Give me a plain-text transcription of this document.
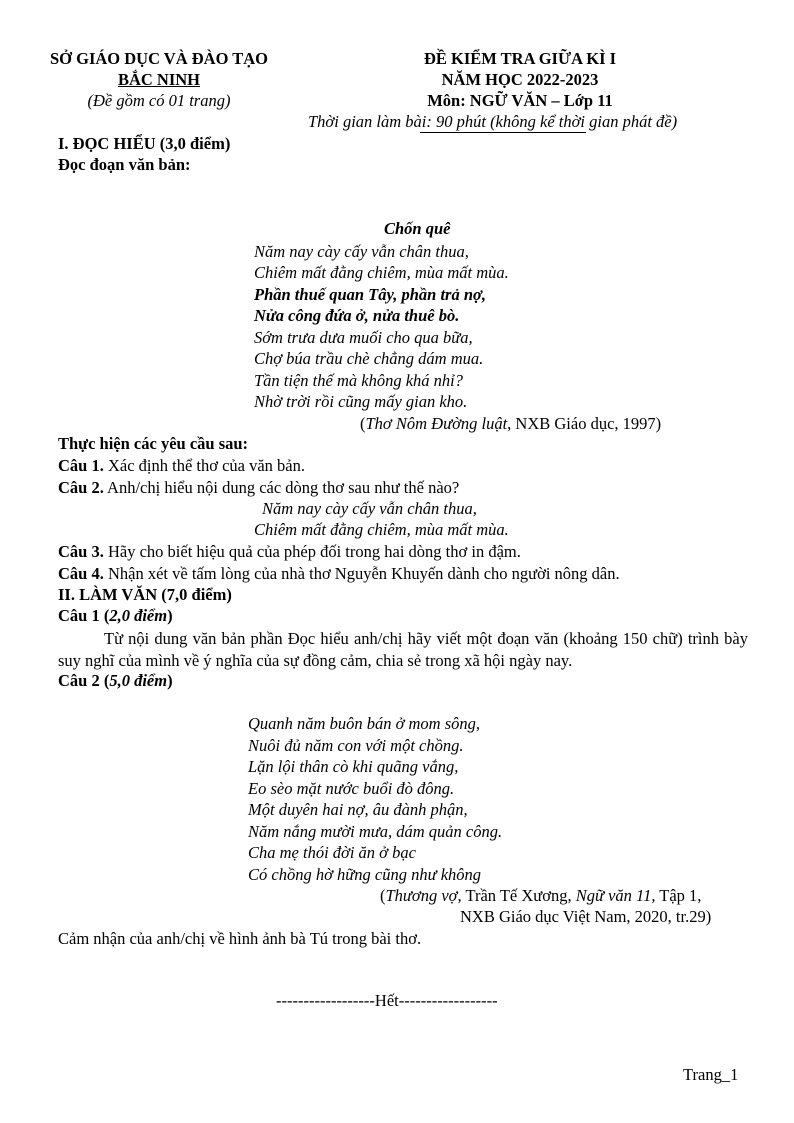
SỞ GIÁO DỤC VÀ ĐÀO TẠO
BẮC NINH
(Đề gồm có 01 trang)
ĐỀ KIỂM TRA GIỮA KÌ I
NĂM HỌC 2022-2023
Môn: NGỮ VĂN – Lớp 11
Thời gian làm bài: 90 phút (không kể thời gian phát đề)
I. ĐỌC HIỂU (3,0 điểm)
Đọc đoạn văn bản:
Chốn quê
Năm nay cày cấy vẫn chân thua,
Chiêm mất đằng chiêm, mùa mất mùa.
Phần thuế quan Tây, phần trả nợ,
Nửa công đứa ở, nửa thuê bò.
Sớm trưa dưa muối cho qua bữa,
Chợ búa trầu chè chẳng dám mua.
Tần tiện thế mà không khá nhỉ?
Nhờ trời rồi cũng mấy gian kho.
(Thơ Nôm Đường luật, NXB Giáo dục, 1997)
Thực hiện các yêu cầu sau:
Câu 1. Xác định thể thơ của văn bản.
Câu 2. Anh/chị hiểu nội dung các dòng thơ sau như thế nào?
Năm nay cày cấy vẫn chân thua,
Chiêm mất đằng chiêm, mùa mất mùa.
Câu 3. Hãy cho biết hiệu quả của phép đối trong hai dòng thơ in đậm.
Câu 4. Nhận xét về tấm lòng của nhà thơ Nguyễn Khuyến dành cho người nông dân.
II. LÀM VĂN (7,0 điểm)
Câu 1 (2,0 điểm)
Từ nội dung văn bản phần Đọc hiểu anh/chị hãy viết một đoạn văn (khoảng 150 chữ) trình bày suy nghĩ của mình về ý nghĩa của sự đồng cảm, chia sẻ trong xã hội ngày nay.
Câu 2 (5,0 điểm)
Quanh năm buôn bán ở mom sông,
Nuôi đủ năm con với một chồng.
Lặn lội thân cò khi quãng vắng,
Eo sèo mặt nước buổi đò đông.
Một duyên hai nợ, âu đành phận,
Năm nắng mười mưa, dám quản công.
Cha mẹ thói đời ăn ở bạc
Có chồng hờ hững cũng như không
(Thương vợ, Trần Tế Xương, Ngữ văn 11, Tập 1,
NXB Giáo dục Việt Nam, 2020, tr.29)
Cảm nhận của anh/chị về hình ảnh bà Tú trong bài thơ.
------------------Hết------------------
Trang_1
